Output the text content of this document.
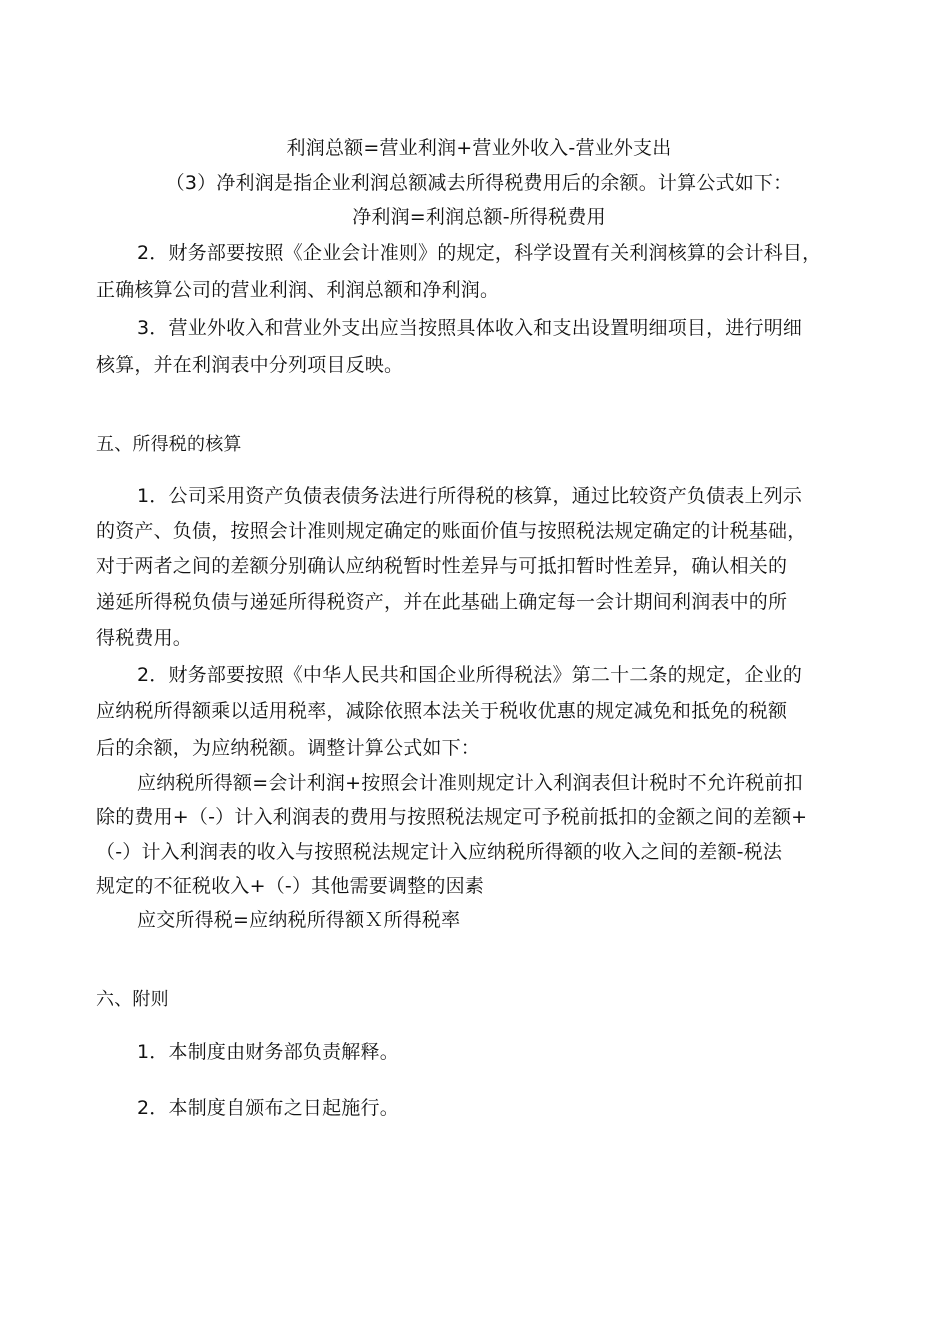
利润总额=营业利润+营业外收入-营业外支出
（3）净利润是指企业利润总额减去所得税费用后的余额。计算公式如下：
净利润=利润总额-所得税费用
2．财务部要按照《企业会计准则》的规定，科学设置有关利润核算的会计科目，
正确核算公司的营业利润、利润总额和净利润。
3．营业外收入和营业外支出应当按照具体收入和支出设置明细项目，进行明细
核算，并在利润表中分列项目反映。
五、所得税的核算
1．公司采用资产负债表债务法进行所得税的核算，通过比较资产负债表上列示
的资产、负债，按照会计准则规定确定的账面价值与按照税法规定确定的计税基础，
对于两者之间的差额分别确认应纳税暂时性差异与可抵扣暂时性差异，确认相关的
递延所得税负债与递延所得税资产，并在此基础上确定每一会计期间利润表中的所
得税费用。
2．财务部要按照《中华人民共和国企业所得税法》第二十二条的规定，企业的
应纳税所得额乘以适用税率，减除依照本法关于税收优惠的规定减免和抵免的税额
后的余额，为应纳税额。调整计算公式如下：
应纳税所得额=会计利润+按照会计准则规定计入利润表但计税时不允许税前扣
除的费用+（-）计入利润表的费用与按照税法规定可予税前抵扣的金额之间的差额+
（-）计入利润表的收入与按照税法规定计入应纳税所得额的收入之间的差额-税法
规定的不征税收入+（-）其他需要调整的因素
应交所得税=应纳税所得额Ｘ所得税率
六、附则
1．本制度由财务部负责解释。
2．本制度自颁布之日起施行。
